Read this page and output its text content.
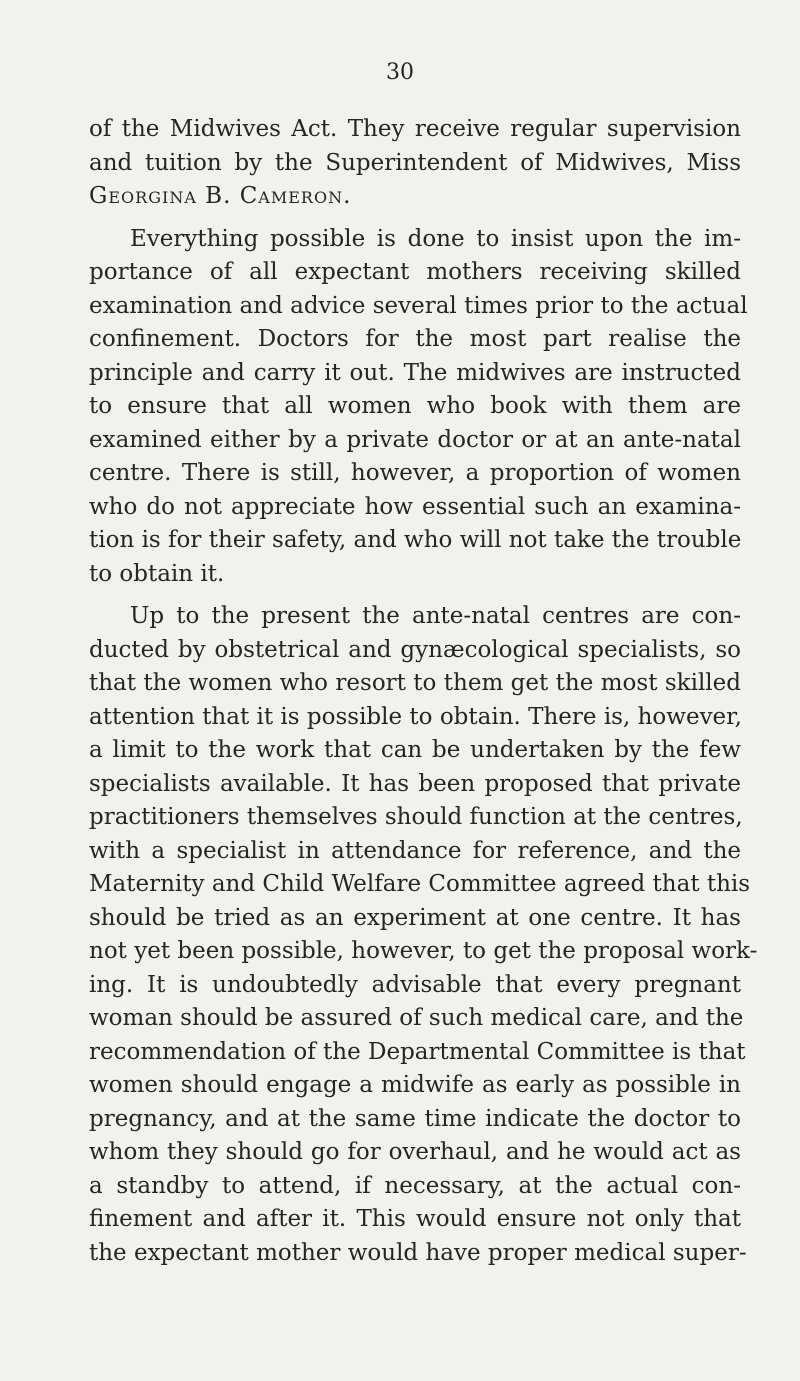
30
of the Midwives Act. They receive regular supervision
and tuition by the Superintendent of Midwives, Miss
Georgina B. Cameron.
Everything possible is done to insist upon the im-
portance of all expectant mothers receiving skilled
examination and advice several times prior to the actual
confinement. Doctors for the most part realise the
principle and carry it out. The midwives are instructed
to ensure that all women who book with them are
examined either by a private doctor or at an ante-natal
centre. There is still, however, a proportion of women
who do not appreciate how essential such an examina-
tion is for their safety, and who will not take the trouble
to obtain it.
Up to the present the ante-natal centres are con-
ducted by obstetrical and gynæcological specialists, so
that the women who resort to them get the most skilled
attention that it is possible to obtain. There is, however,
a limit to the work that can be undertaken by the few
specialists available. It has been proposed that private
practitioners themselves should function at the centres,
with a specialist in attendance for reference, and the
Maternity and Child Welfare Committee agreed that this
should be tried as an experiment at one centre. It has
not yet been possible, however, to get the proposal work-
ing. It is undoubtedly advisable that every pregnant
woman should be assured of such medical care, and the
recommendation of the Departmental Committee is that
women should engage a midwife as early as possible in
pregnancy, and at the same time indicate the doctor to
whom they should go for overhaul, and he would act as
a standby to attend, if necessary, at the actual con-
finement and after it. This would ensure not only that
the expectant mother would have proper medical super-
